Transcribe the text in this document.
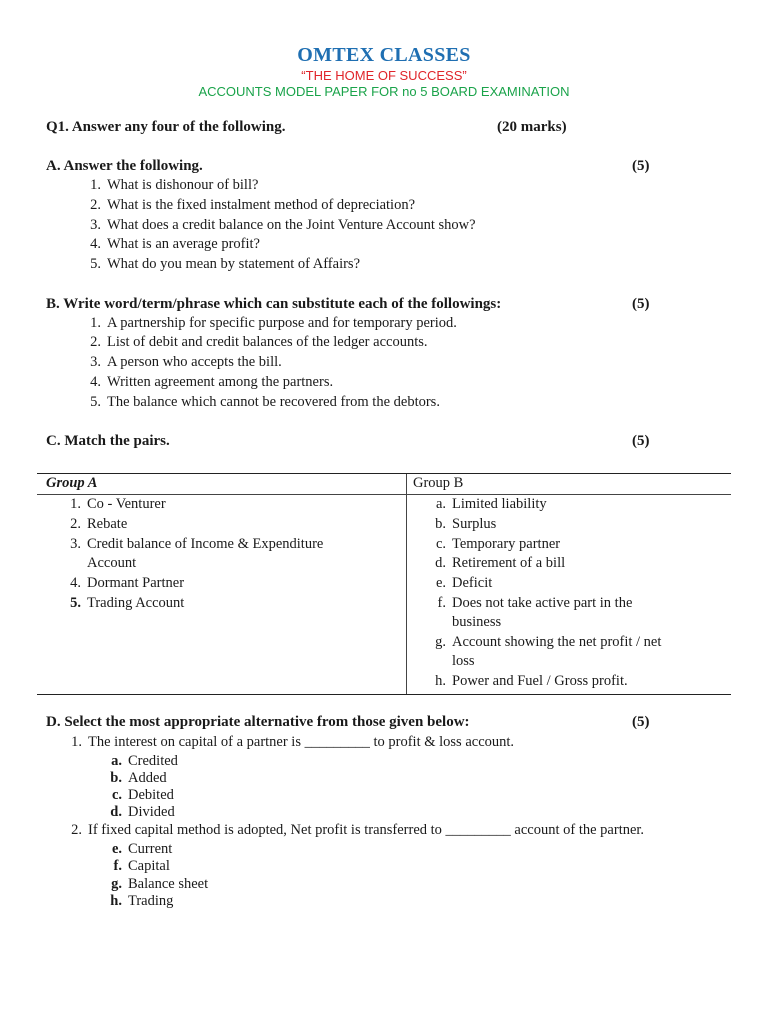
OMTEX CLASSES
“THE HOME OF SUCCESS”
ACCOUNTS MODEL PAPER FOR no 5 BOARD EXAMINATION
Q1. Answer any four of the following.	(20 marks)
A. Answer the following.	(5)
1. What is dishonour of bill?
2. What is the fixed instalment method of depreciation?
3. What does a credit balance on the Joint Venture Account show?
4. What is an average profit?
5. What do you mean by statement of Affairs?
B. Write word/term/phrase which can substitute each of the followings:	(5)
1. A partnership for specific purpose and for temporary period.
2. List of debit and credit balances of the ledger accounts.
3. A person who accepts the bill.
4. Written agreement among the partners.
5. The balance which cannot be recovered from the debtors.
C. Match the pairs.	(5)
Group A	Group B
1. Co - Venturer
2. Rebate
3. Credit balance of Income & Expenditure
Account
4. Dormant Partner
5. Trading Account
a. Limited liability
b. Surplus
c. Temporary partner
d. Retirement of a bill
e. Deficit
f. Does not take active part in the
business
g. Account showing the net profit / net
loss
h. Power and Fuel / Gross profit.
D. Select the most appropriate alternative from those given below:	(5)
1. The interest on capital of a partner is _________ to profit & loss account.
a. Credited
b. Added
c. Debited
d. Divided
2. If fixed capital method is adopted, Net profit is transferred to _________ account of the partner.
e. Current
f. Capital
g. Balance sheet
h. Trading
